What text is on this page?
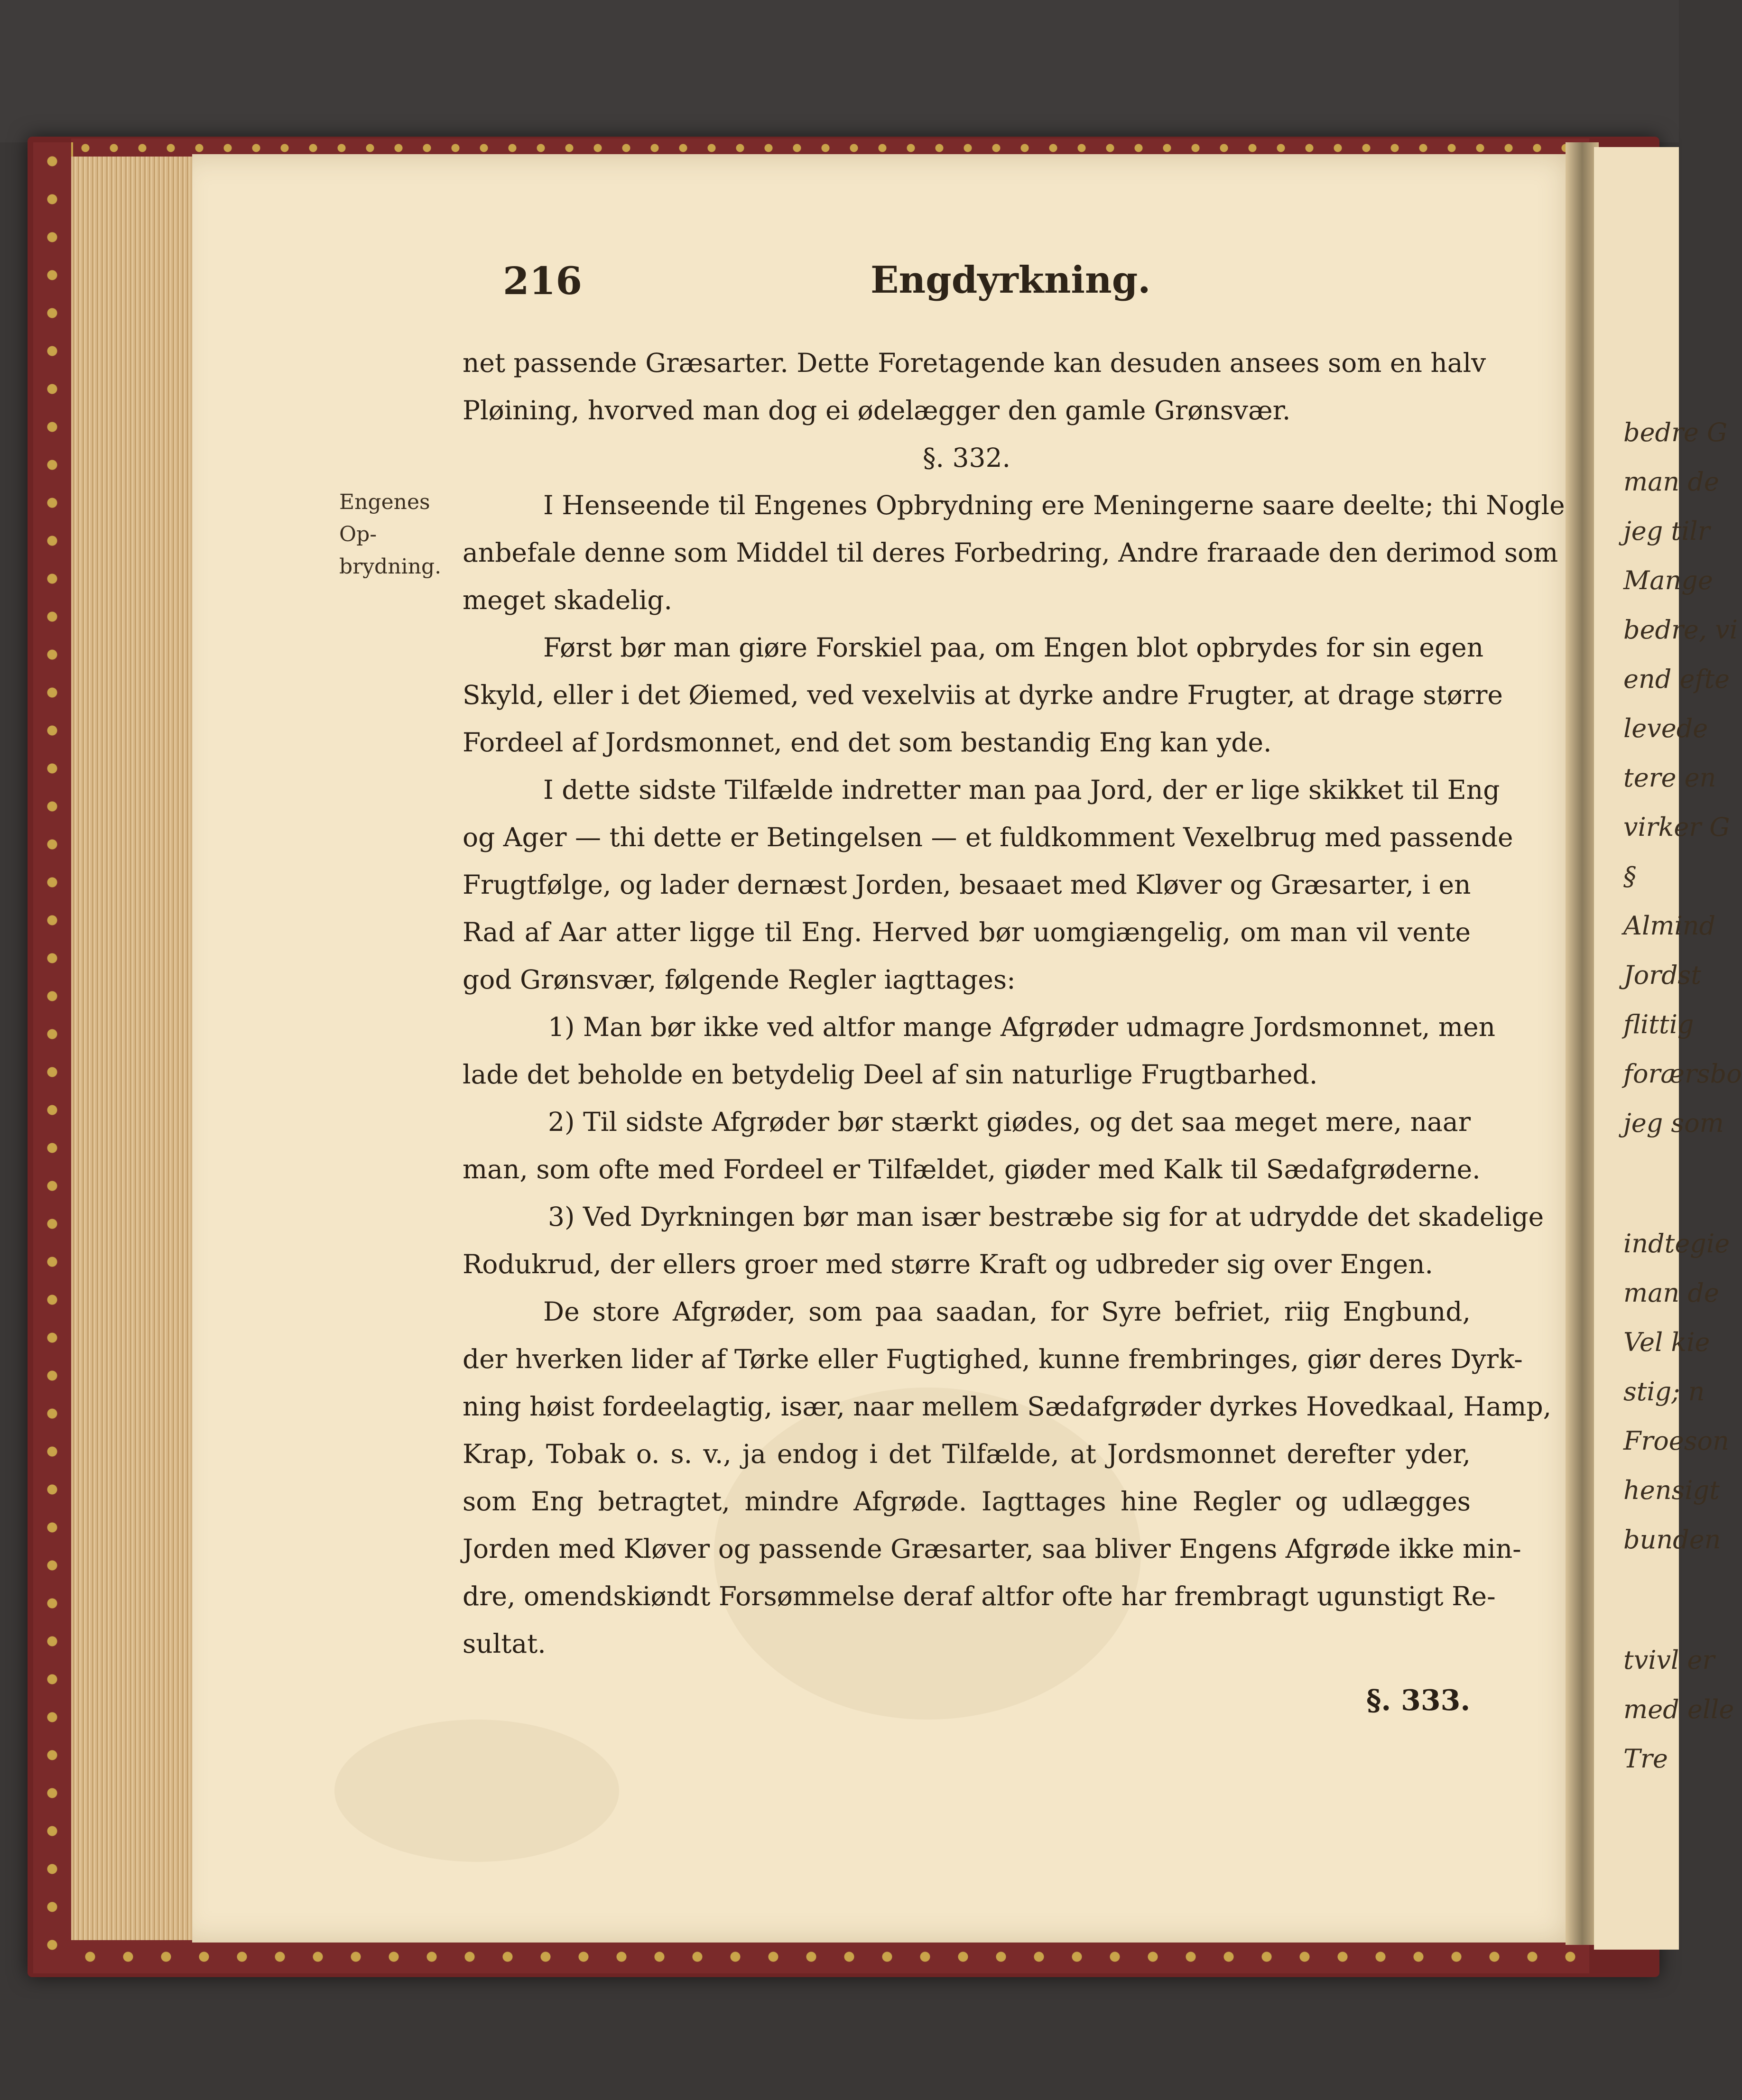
bedre G
man de
jeg tilr
Mange
bedre, vi
end efte
levede
tere en
virker G
§
Almind
Jordst
flittig
forærsbo
jeg som
indtegie
man de
Vel kie
stig; n
Froeson
hensigt
bunden
tvivl er
med elle
Tre
216	Engdyrkning.
Engenes Op-
brydning.
net passende Græsarter. Dette Foretagende kan desuden ansees som en halv
Pløining, hvorved man dog ei ødelægger den gamle Grønsvær.
§. 332.
I Henseende til Engenes Opbrydning ere Meningerne saare deelte; thi Nogle
anbefale denne som Middel til deres Forbedring, Andre fraraade den derimod som
meget skadelig.
Først bør man giøre Forskiel paa, om Engen blot opbrydes for sin egen
Skyld, eller i det Øiemed, ved vexelviis at dyrke andre Frugter, at drage større
Fordeel af Jordsmonnet, end det som bestandig Eng kan yde.
I dette sidste Tilfælde indretter man paa Jord, der er lige skikket til Eng
og Ager — thi dette er Betingelsen — et fuldkomment Vexelbrug med passende
Frugtfølge, og lader dernæst Jorden, besaaet med Kløver og Græsarter, i en
Rad af Aar atter ligge til Eng. Herved bør uomgiængelig, om man vil vente
god Grønsvær, følgende Regler iagttages:
1) Man bør ikke ved altfor mange Afgrøder udmagre Jordsmonnet, men
lade det beholde en betydelig Deel af sin naturlige Frugtbarhed.
2) Til sidste Afgrøder bør stærkt giødes, og det saa meget mere, naar
man, som ofte med Fordeel er Tilfældet, giøder med Kalk til Sædafgrøderne.
3) Ved Dyrkningen bør man især bestræbe sig for at udrydde det skadelige
Rodukrud, der ellers groer med større Kraft og udbreder sig over Engen.
De store Afgrøder, som paa saadan, for Syre befriet, riig Engbund,
der hverken lider af Tørke eller Fugtighed, kunne frembringes, giør deres Dyrk-
ning høist fordeelagtig, især, naar mellem Sædafgrøder dyrkes Hovedkaal, Hamp,
Krap, Tobak o. s. v., ja endog i det Tilfælde, at Jordsmonnet derefter yder,
som Eng betragtet, mindre Afgrøde. Iagttages hine Regler og udlægges
Jorden med Kløver og passende Græsarter, saa bliver Engens Afgrøde ikke min-
dre, omendskiøndt Forsømmelse deraf altfor ofte har frembragt ugunstigt Re-
sultat.
§. 333.
